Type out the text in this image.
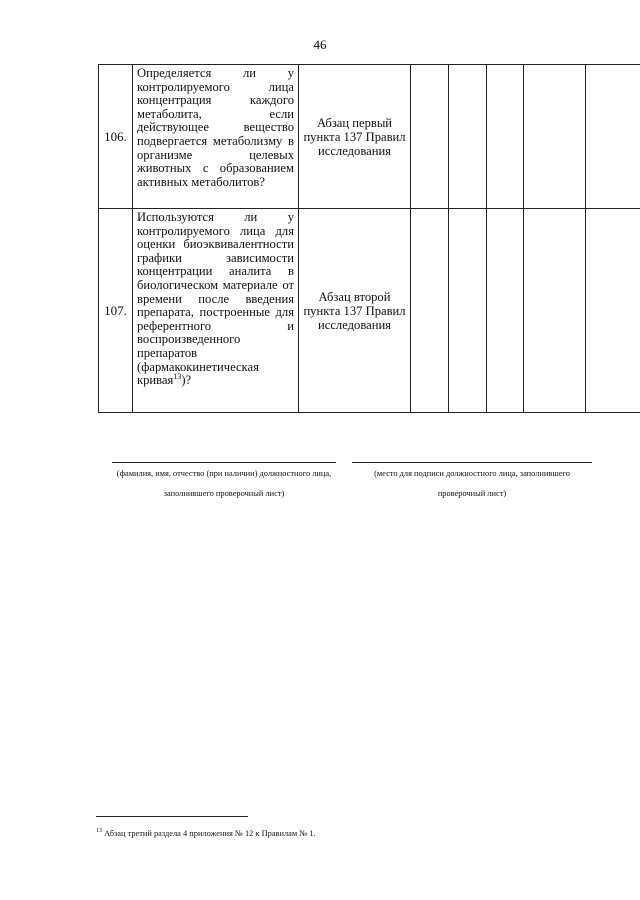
46
106.	Определяется ли у контролируемого лица концентрация каждого метаболита, если действующее вещество подвергается метаболизму в организме целевых животных с образованием активных метаболитов?	Абзац первый пункта 137 Правил исследования					
107.	Используются ли у контролируемого лица для оценки биоэквивалентности графики зависимости концентрации аналита в биологическом материале от времени после введения препарата, построенные для референтного и воспроизведенного препаратов (фармакокинетическая кривая$^{13}$)?	Абзац второй пункта 137 Правил исследования					
(фамилия, имя, отчество (при наличии) должностного лица, заполнившего проверочный лист)
(место для подписи должностного лица, заполнившего проверочный лист)
$^{13}$ Абзац третий раздела 4 приложения № 12 к Правилам № 1.
